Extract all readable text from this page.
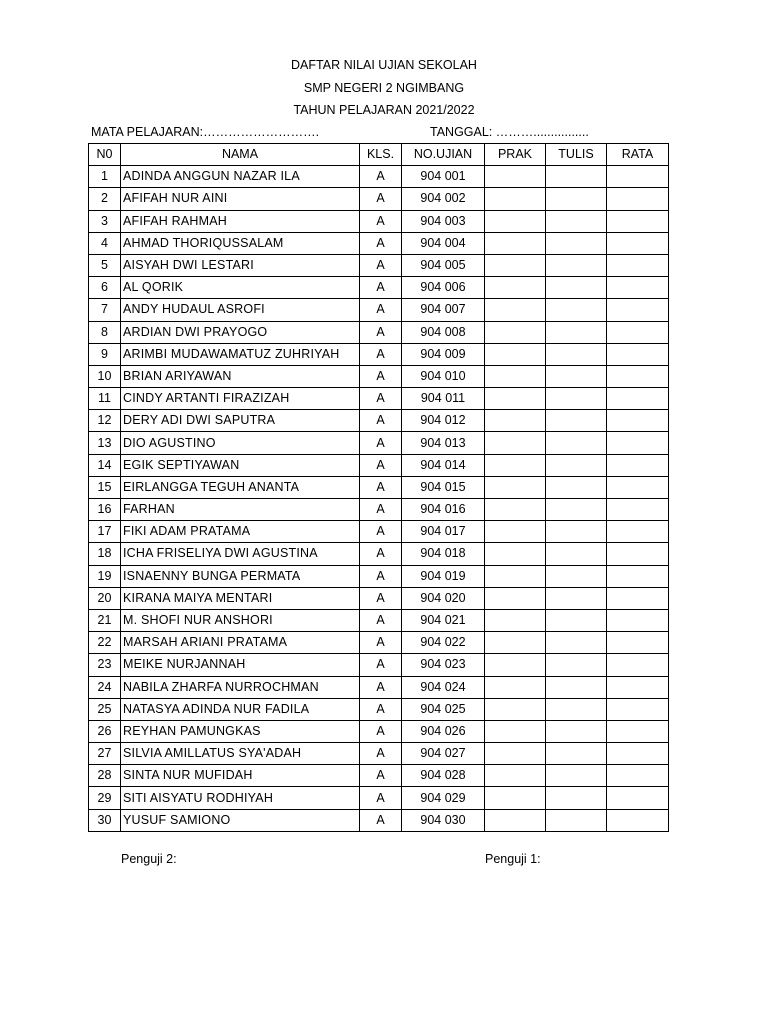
DAFTAR NILAI UJIAN SEKOLAH
SMP NEGERI 2 NGIMBANG
TAHUN PELAJARAN 2021/2022
MATA PELAJARAN:……………………….	TANGGAL: ………................
N0	NAMA	KLS.	NO.UJIAN	PRAK	TULIS	RATA
1	ADINDA ANGGUN NAZAR ILA	A	904 001			
2	AFIFAH NUR AINI	A	904 002			
3	AFIFAH RAHMAH	A	904 003			
4	AHMAD THORIQUSSALAM	A	904 004			
5	AISYAH DWI LESTARI	A	904 005			
6	AL QORIK	A	904 006			
7	ANDY HUDAUL ASROFI	A	904 007			
8	ARDIAN DWI PRAYOGO	A	904 008			
9	ARIMBI MUDAWAMATUZ ZUHRIYAH	A	904 009			
10	BRIAN ARIYAWAN	A	904 010			
11	CINDY ARTANTI FIRAZIZAH	A	904 011			
12	DERY ADI DWI SAPUTRA	A	904 012			
13	DIO AGUSTINO	A	904 013			
14	EGIK SEPTIYAWAN	A	904 014			
15	EIRLANGGA TEGUH ANANTA	A	904 015			
16	FARHAN	A	904 016			
17	FIKI ADAM PRATAMA	A	904 017			
18	ICHA FRISELIYA DWI AGUSTINA	A	904 018			
19	ISNAENNY BUNGA PERMATA	A	904 019			
20	KIRANA MAIYA MENTARI	A	904 020			
21	M. SHOFI NUR ANSHORI	A	904 021			
22	MARSAH ARIANI PRATAMA	A	904 022			
23	MEIKE NURJANNAH	A	904 023			
24	NABILA ZHARFA NURROCHMAN	A	904 024			
25	NATASYA ADINDA NUR FADILA	A	904 025			
26	REYHAN PAMUNGKAS	A	904 026			
27	SILVIA AMILLATUS SYA'ADAH	A	904 027			
28	SINTA NUR MUFIDAH	A	904 028			
29	SITI AISYATU RODHIYAH	A	904 029			
30	YUSUF SAMIONO	A	904 030			
Penguji 2:	Penguji 1:
